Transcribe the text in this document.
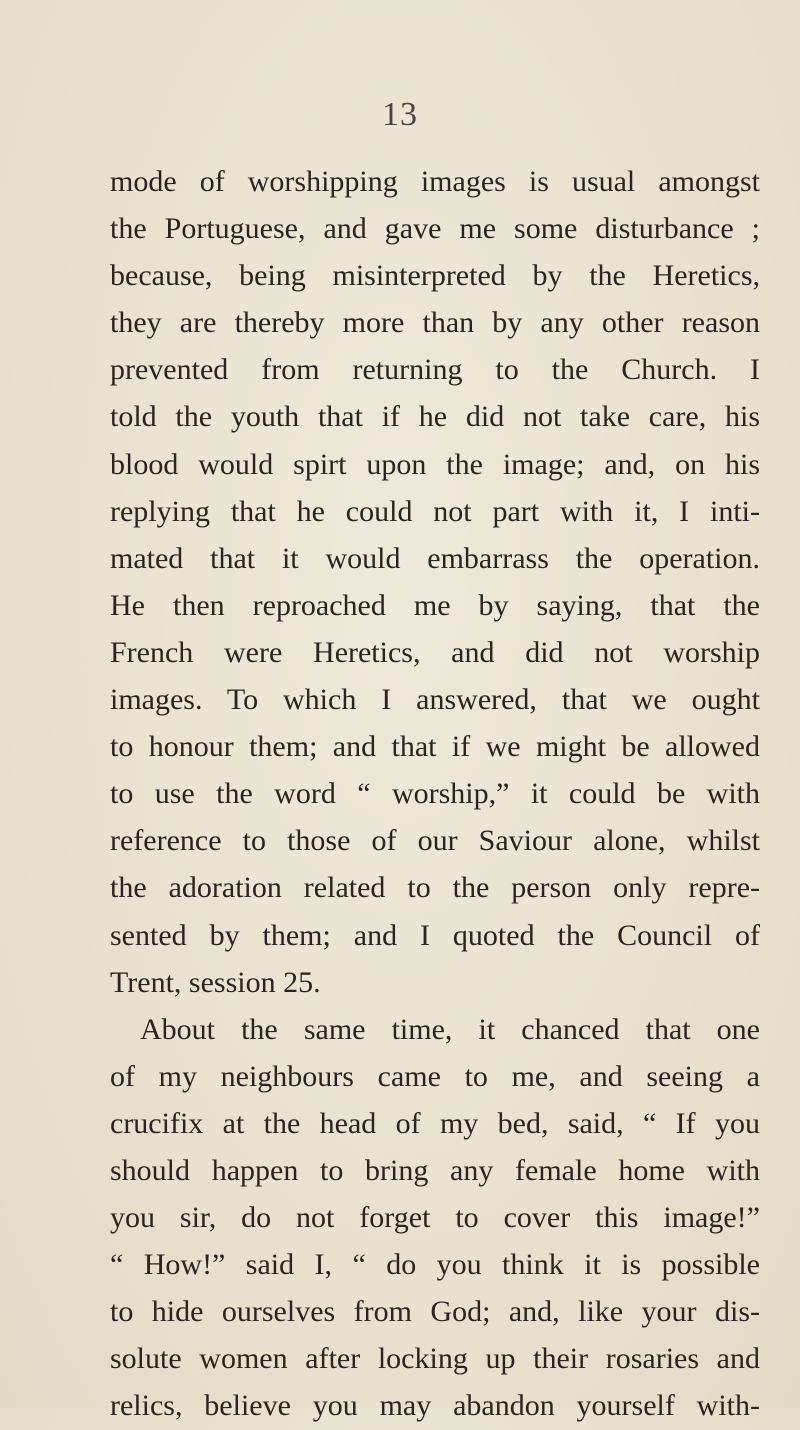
13
mode of worshipping images is usual amongst
the Portuguese, and gave me some disturbance ;
because, being misinterpreted by the Heretics,
they are thereby more than by any other reason
prevented from returning to the Church. I
told the youth that if he did not take care, his
blood would spirt upon the image; and, on his
replying that he could not part with it, I inti-
mated that it would embarrass the operation.
He then reproached me by saying, that the
French were Heretics, and did not worship
images. To which I answered, that we ought
to honour them; and that if we might be allowed
to use the word “ worship,” it could be with
reference to those of our Saviour alone, whilst
the adoration related to the person only repre-
sented by them; and I quoted the Council of
Trent, session 25.
About the same time, it chanced that one
of my neighbours came to me, and seeing a
crucifix at the head of my bed, said, “ If you
should happen to bring any female home with
you sir, do not forget to cover this image!”
“ How!” said I, “ do you think it is possible
to hide ourselves from God; and, like your dis-
solute women after locking up their rosaries and
relics, believe you may abandon yourself with-
